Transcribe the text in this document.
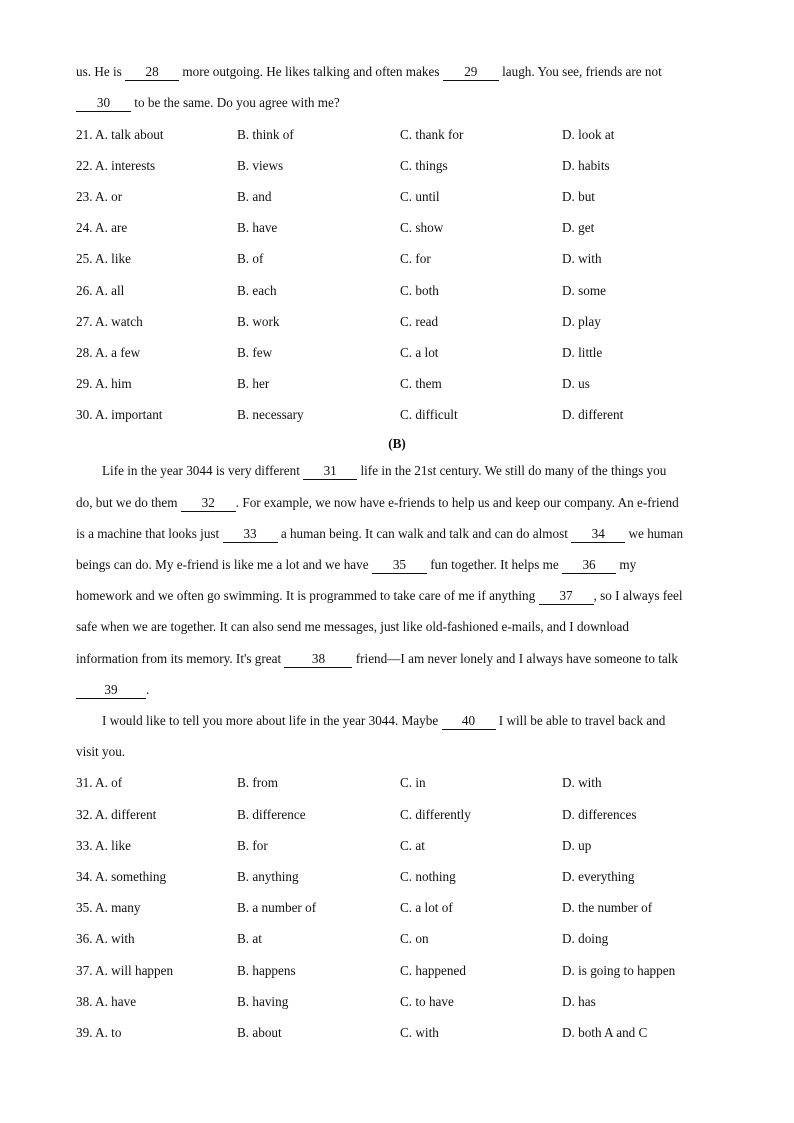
us. He is 28 more outgoing. He likes talking and often makes 29 laugh. You see, friends are not
30 to be the same. Do you agree with me?
21. A. talk about	B. think of	C. thank for	D. look at
22. A. interests	B. views	C. things	D. habits
23. A. or	B. and	C. until	D. but
24. A. are	B. have	C. show	D. get
25. A. like	B. of	C. for	D. with
26. A. all	B. each	C. both	D. some
27. A. watch	B. work	C. read	D. play
28. A. a few	B. few	C. a lot	D. little
29. A. him	B. her	C. them	D. us
30. A. important	B. necessary	C. difficult	D. different
(B)
Life in the year 3044 is very different 31 life in the 21st century. We still do many of the things you
do, but we do them 32 . For example, we now have e-friends to help us and keep our company. An e-friend
is a machine that looks just 33 a human being. It can walk and talk and can do almost 34 we human
beings can do. My e-friend is like me a lot and we have 35 fun together. It helps me 36 my
homework and we often go swimming. It is programmed to take care of me if anything 37 , so I always feel
safe when we are together. It can also send me messages, just like old-fashioned e-mails, and I download
information from its memory. It's great 38 friend—I am never lonely and I always have someone to talk
39 .
I would like to tell you more about life in the year 3044. Maybe 40 I will be able to travel back and
visit you.
31. A. of	B. from	C. in	D. with
32. A. different	B. difference	C. differently	D. differences
33. A. like	B. for	C. at	D. up
34. A. something	B. anything	C. nothing	D. everything
35. A. many	B. a number of	C. a lot of	D. the number of
36. A. with	B. at	C. on	D. doing
37. A. will happen	B. happens	C. happened	D. is going to happen
38. A. have	B. having	C. to have	D. has
39. A. to	B. about	C. with	D. both A and C
